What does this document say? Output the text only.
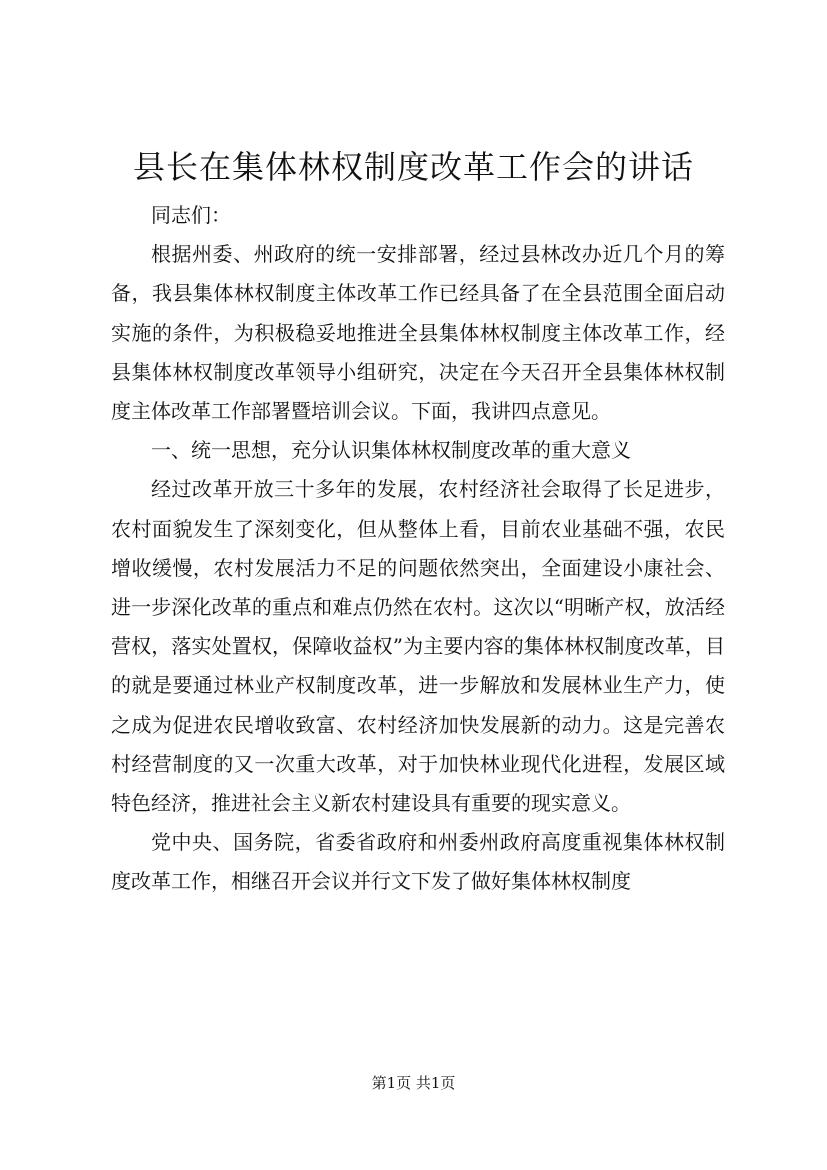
县长在集体林权制度改革工作会的讲话

同志们：

根据州委、州政府的统一安排部署，经过县林改办近几个月的筹备，我县集体林权制度主体改革工作已经具备了在全县范围全面启动实施的条件，为积极稳妥地推进全县集体林权制度主体改革工作，经县集体林权制度改革领导小组研究，决定在今天召开全县集体林权制度主体改革工作部署暨培训会议。下面，我讲四点意见。

一、统一思想，充分认识集体林权制度改革的重大意义

经过改革开放三十多年的发展，农村经济社会取得了长足进步，农村面貌发生了深刻变化，但从整体上看，目前农业基础不强，农民增收缓慢，农村发展活力不足的问题依然突出，全面建设小康社会、进一步深化改革的重点和难点仍然在农村。这次以“明晰产权，放活经营权，落实处置权，保障收益权”为主要内容的集体林权制度改革，目的就是要通过林业产权制度改革，进一步解放和发展林业生产力，使之成为促进农民增收致富、农村经济加快发展新的动力。这是完善农村经营制度的又一次重大改革，对于加快林业现代化进程，发展区域特色经济，推进社会主义新农村建设具有重要的现实意义。

党中央、国务院，省委省政府和州委州政府高度重视集体林权制度改革工作，相继召开会议并行文下发了做好集体林权制度

第1页 共1页
